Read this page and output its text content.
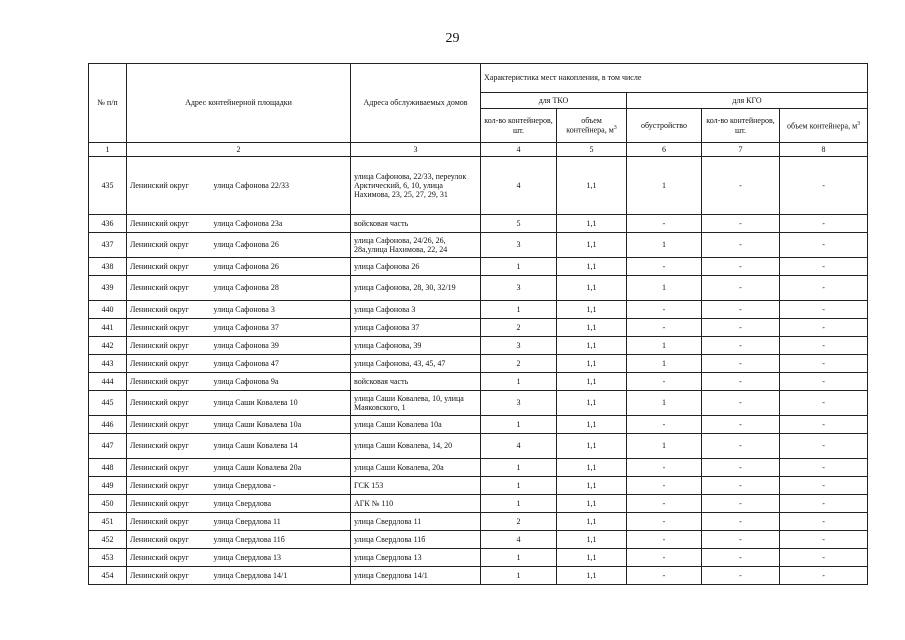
29
№ п/п	Адрес контейнерной площадки		Адреса обслуживаемых домов	Характеристика мест накопления, в том числе				
				для ТКО		для КГО		
				кол-во контейнеров, шт.	объем контейнера, $м^3$	обустройство	кол-во контейнеров, шт.	объем контейнера, $м^3$
1	2		3	4	5	6	7	8
435	Ленинский округ	улица Сафонова 22/33	улица Сафонова, 22/33, переулок Арктический, 6, 10, улица Нахимова, 23, 25, 27, 29, 31	4	1,1	1	-	-
436	Ленинский округ	улица Сафонова 23а	войсковая часть	5	1,1	-	-	-
437	Ленинский округ	улица Сафонова 26	улица Сафонова, 24/26, 26, 28а,улица Нахимова, 22, 24	3	1,1	1	-	-
438	Ленинский округ	улица Сафонова 26	улица Сафонова 26	1	1,1	-	-	-
439	Ленинский округ	улица Сафонова 28	улица Сафонова, 28, 30, 32/19	3	1,1	1	-	-
440	Ленинский округ	улица Сафонова 3	улица Сафонова 3	1	1,1	-	-	-
441	Ленинский округ	улица Сафонова 37	улица Сафонова 37	2	1,1	-	-	-
442	Ленинский округ	улица Сафонова 39	улица Сафонова, 39	3	1,1	1	-	-
443	Ленинский округ	улица Сафонова 47	улица Сафонова, 43, 45, 47	2	1,1	1	-	-
444	Ленинский округ	улица Сафонова 9а	войсковая часть	1	1,1	-	-	-
445	Ленинский округ	улица Саши Ковалева 10	улица Саши Ковалева, 10, улица Маяковского, 1	3	1,1	1	-	-
446	Ленинский округ	улица Саши Ковалева 10а	улица Саши Ковалева 10а	1	1,1	-	-	-
447	Ленинский округ	улица Саши Ковалева 14	улица Саши Ковалева, 14, 20	4	1,1	1	-	-
448	Ленинский округ	улица Саши Ковалева 20а	улица Саши Ковалева, 20а	1	1,1	-	-	-
449	Ленинский округ	улица Свердлова -	ГСК 153	1	1,1	-	-	-
450	Ленинский округ	улица Свердлова	АГК № 110	1	1,1	-	-	-
451	Ленинский округ	улица Свердлова 11	улица Свердлова 11	2	1,1	-	-	-
452	Ленинский округ	улица Свердлова 11б	улица Свердлова 11б	4	1,1	-	-	-
453	Ленинский округ	улица Свердлова 13	улица Свердлова 13	1	1,1	-	-	-
454	Ленинский округ	улица Свердлова 14/1	улица Свердлова 14/1	1	1,1	-	-	-
